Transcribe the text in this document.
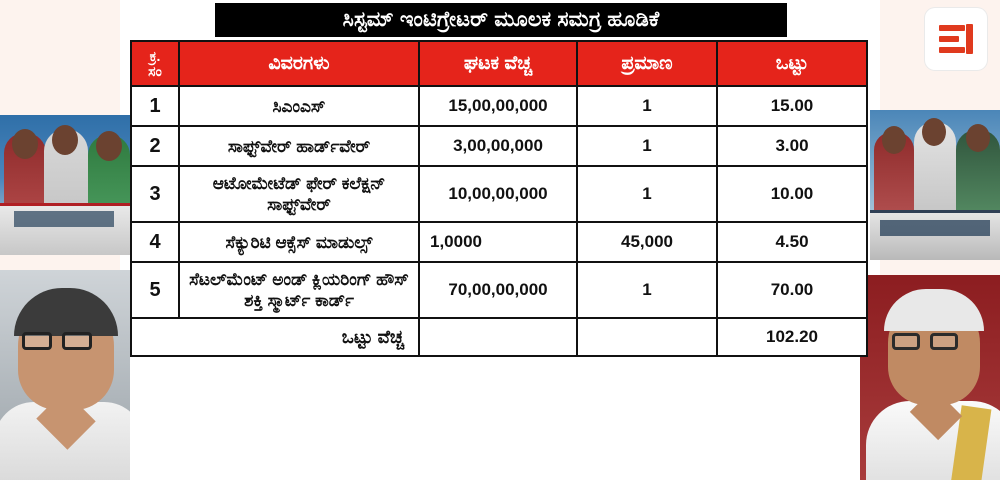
ಸಿಸ್ಟಮ್ ಇಂಟಿಗ್ರೇಟರ್ ಮೂಲಕ ಸಮಗ್ರ ಹೂಡಿಕೆ
ಕ್ರ.
ಸಂ	ವಿವರಗಳು	ಘಟಕ ವೆಚ್ಚ	ಪ್ರಮಾಣ	ಒಟ್ಟು
1	ಸಿಎಂಎಸ್	15,00,00,000	1	15.00
2	ಸಾಫ್ಟ್‌ವೇರ್ ಹಾರ್ಡ್‌ವೇರ್	3,00,00,000	1	3.00
3	ಆಟೋಮೇಟೆಡ್ ಫೇರ್ ಕಲೆಕ್ಷನ್ ಸಾಫ್ಟ್‌ವೇರ್	10,00,00,000	1	10.00
4	ಸೆಕ್ಯುರಿಟಿ ಆಕ್ಸೆಸ್ ಮಾಡುಲ್ಸ್	1,0000	45,000	4.50
5	ಸೆಟಲ್‌ಮೆಂಟ್ ಅಂಡ್ ಕ್ಲಿಯರಿಂಗ್ ಹೌಸ್ ಶಕ್ತಿ ಸ್ಮಾರ್ಟ್ ಕಾರ್ಡ್	70,00,00,000	1	70.00
ಒಟ್ಟು ವೆಚ್ಚ				102.20
